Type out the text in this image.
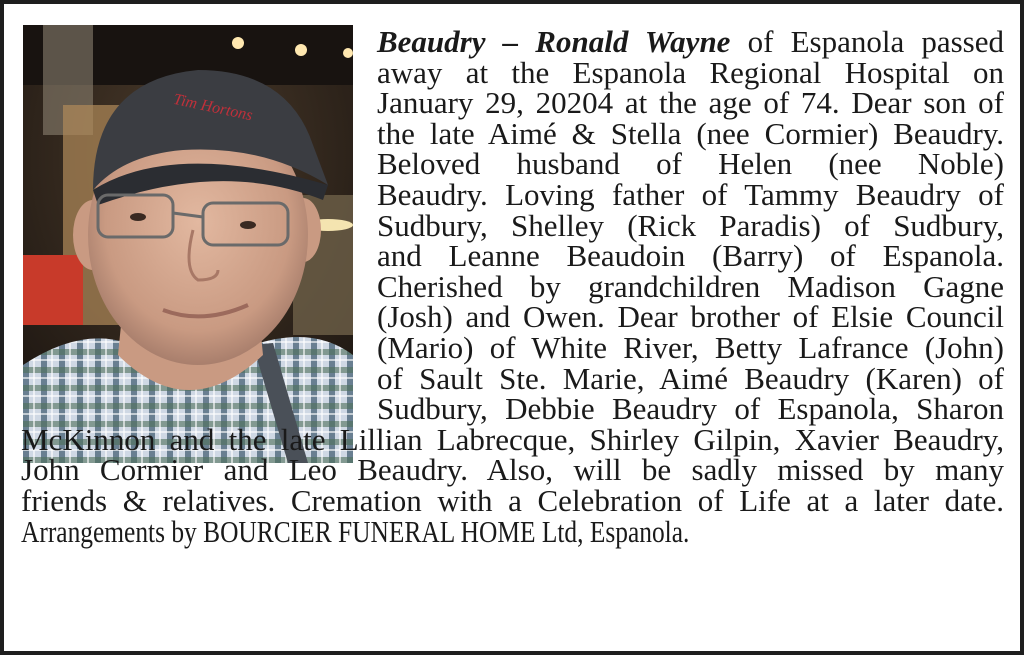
Tim Hortons
Beaudry – Ronald Wayne of Espanola passed
away at the Espanola Regional Hospital on
January 29, 20204 at the age of 74. Dear son of
the late Aimé & Stella (nee Cormier) Beaudry.
Beloved husband of Helen (nee Noble)
Beaudry. Loving father of Tammy Beaudry of
Sudbury, Shelley (Rick Paradis) of Sudbury,
and Leanne Beaudoin (Barry) of Espanola.
Cherished by grandchildren Madison Gagne
(Josh) and Owen. Dear brother of Elsie Council
(Mario) of White River, Betty Lafrance (John)
of Sault Ste. Marie, Aimé Beaudry (Karen) of
Sudbury, Debbie Beaudry of Espanola, Sharon
McKinnon and the late Lillian Labrecque, Shirley Gilpin, Xavier Beaudry,
John Cormier and Leo Beaudry. Also, will be sadly missed by many
friends & relatives. Cremation with a Celebration of Life at a later date.
Arrangements by BOURCIER FUNERAL HOME Ltd, Espanola.
